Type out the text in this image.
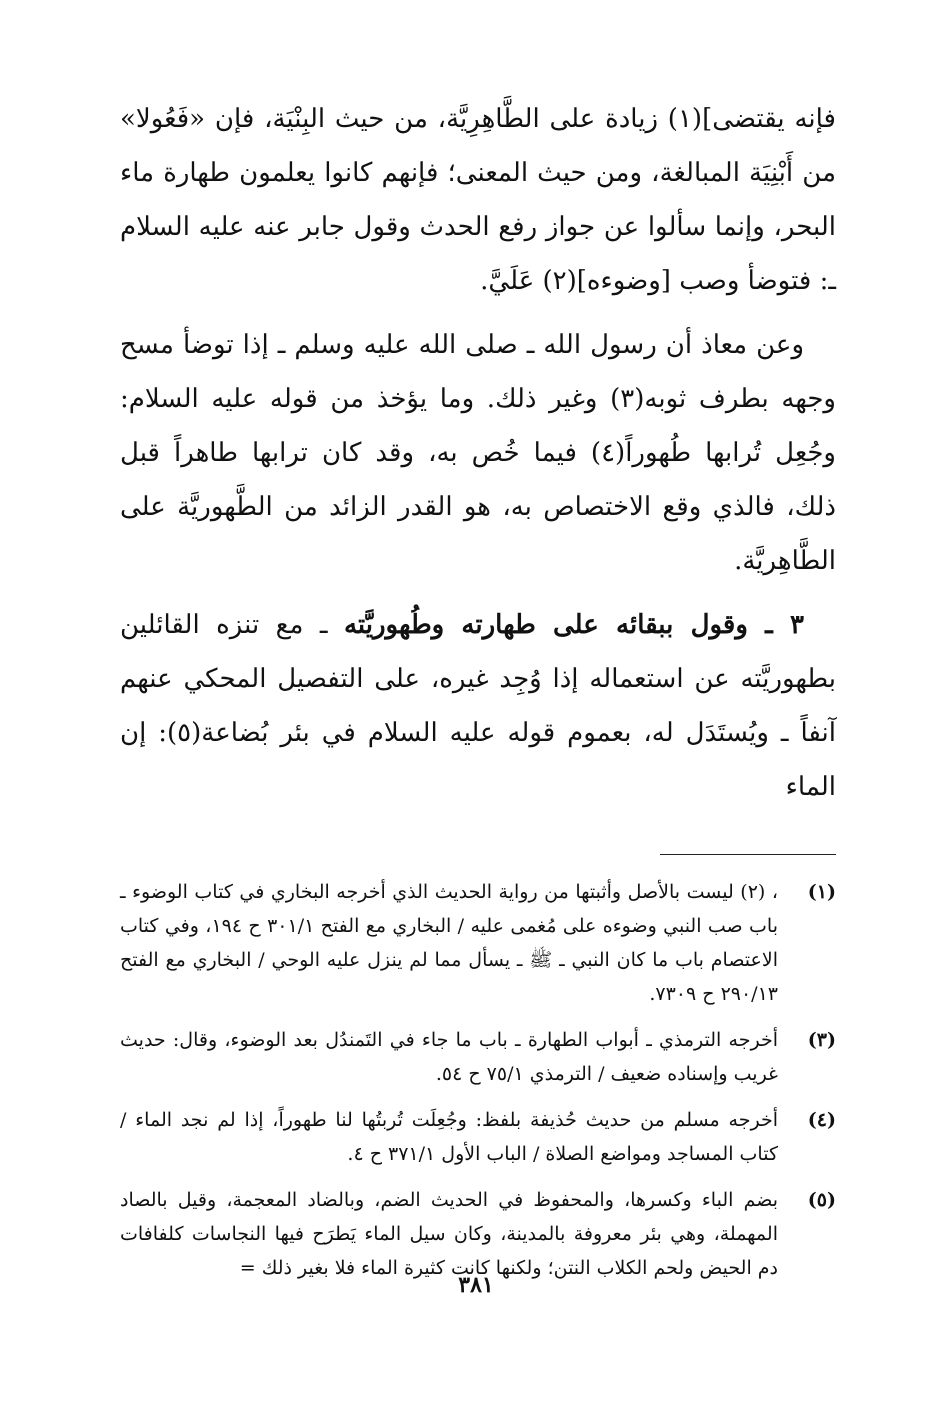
فإنه يقتضى](١) زيادة على الطَّاهِرِيَّة، من حيث البِنْيَة، فإن «فَعُولا» من أَبْنِيَة المبالغة، ومن حيث المعنى؛ فإنهم كانوا يعلمون طهارة ماء البحر، وإنما سألوا عن جواز رفع الحدث وقول جابر عنه عليه السلام ـ: فتوضأ وصب [وضوءه](٢) عَلَيَّ.

وعن معاذ أن رسول الله ـ صلى الله عليه وسلم ـ إذا توضأ مسح وجهه بطرف ثوبه(٣) وغير ذلك. وما يؤخذ من قوله عليه السلام: وجُعِل تُرابها طُهوراً(٤) فيما خُص به، وقد كان ترابها طاهراً قبل ذلك، فالذي وقع الاختصاص به، هو القدر الزائد من الطَّهوريَّة على الطَّاهِريَّة.

٣ ـ وقول ببقائه على طهارته وطُهوريَّته ـ مع تنزه القائلين بطهوريَّته عن استعماله إذا وُجِد غيره، على التفصيل المحكي عنهم آنفاً ـ ويُستَدَل له، بعموم قوله عليه السلام في بئر بُضاعة(٥): إن الماء

(١)
، (٢) ليست بالأصل وأثبتها من رواية الحديث الذي أخرجه البخاري في كتاب الوضوء ـ باب صب النبي وضوءه على مُغمى عليه / البخاري مع الفتح ٣٠١/١ ح ١٩٤، وفي كتاب الاعتصام باب ما كان النبي ـ ﷺ ـ يسأل مما لم ينزل عليه الوحي / البخاري مع الفتح ٢٩٠/١٣ ح ٧٣٠٩.
(٣)
أخرجه الترمذي ـ أبواب الطهارة ـ باب ما جاء في التَمندُل بعد الوضوء، وقال: حديث غريب وإسناده ضعيف / الترمذي ٧٥/١ ح ٥٤.
(٤)
أخرجه مسلم من حديث حُذيفة بلفظ: وجُعِلَت تُربتُها لنا طهوراً، إذا لم نجد الماء / كتاب المساجد ومواضع الصلاة / الباب الأول ٣٧١/١ ح ٤.
(٥)
بضم الباء وكسرها، والمحفوظ في الحديث الضم، وبالضاد المعجمة، وقيل بالصاد المهملة، وهي بئر معروفة بالمدينة، وكان سيل الماء يَطرَح فيها النجاسات كلفافات دم الحيض ولحم الكلاب النتن؛ ولكنها كانت كثيرة الماء فلا بغير ذلك =
٣٨١
